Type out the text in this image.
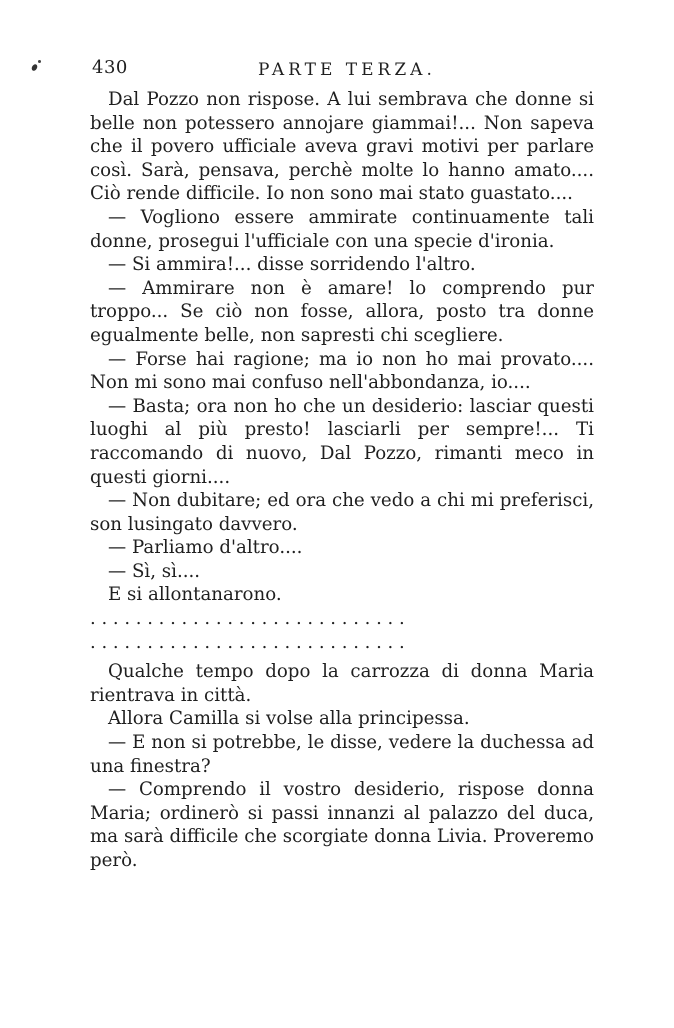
430	PARTE TERZA.

Dal Pozzo non rispose. A lui sembrava che donne si belle non potessero annojare giammai!... Non sapeva che il povero ufficiale aveva gravi motivi per parlare così. Sarà, pensava, perchè molte lo hanno amato.... Ciò rende difficile. Io non sono mai stato guastato....

— Vogliono essere ammirate continuamente tali donne, prosegui l'ufficiale con una specie d'ironia.

— Si ammira!... disse sorridendo l'altro.

— Ammirare non è amare! lo comprendo pur troppo... Se ciò non fosse, allora, posto tra donne egualmente belle, non sapresti chi scegliere.

— Forse hai ragione; ma io non ho mai provato.... Non mi sono mai confuso nell'abbondanza, io....

— Basta; ora non ho che un desiderio: lasciar questi luoghi al più presto! lasciarli per sempre!... Ti raccomando di nuovo, Dal Pozzo, rimanti meco in questi giorni....

— Non dubitare; ed ora che vedo a chi mi preferisci, son lusingato davvero.

— Parliamo d'altro....

— Sì, sì....

E si allontanarono.

. . . . . . . . . . . . . . . . . . . . . . . . . . . .

. . . . . . . . . . . . . . . . . . . . . . . . . . . .

Qualche tempo dopo la carrozza di donna Maria rientrava in città.

Allora Camilla si volse alla principessa.

— E non si potrebbe, le disse, vedere la duchessa ad una finestra?

— Comprendo il vostro desiderio, rispose donna Maria; ordinerò si passi innanzi al palazzo del duca, ma sarà difficile che scorgiate donna Livia. Proveremo però.
